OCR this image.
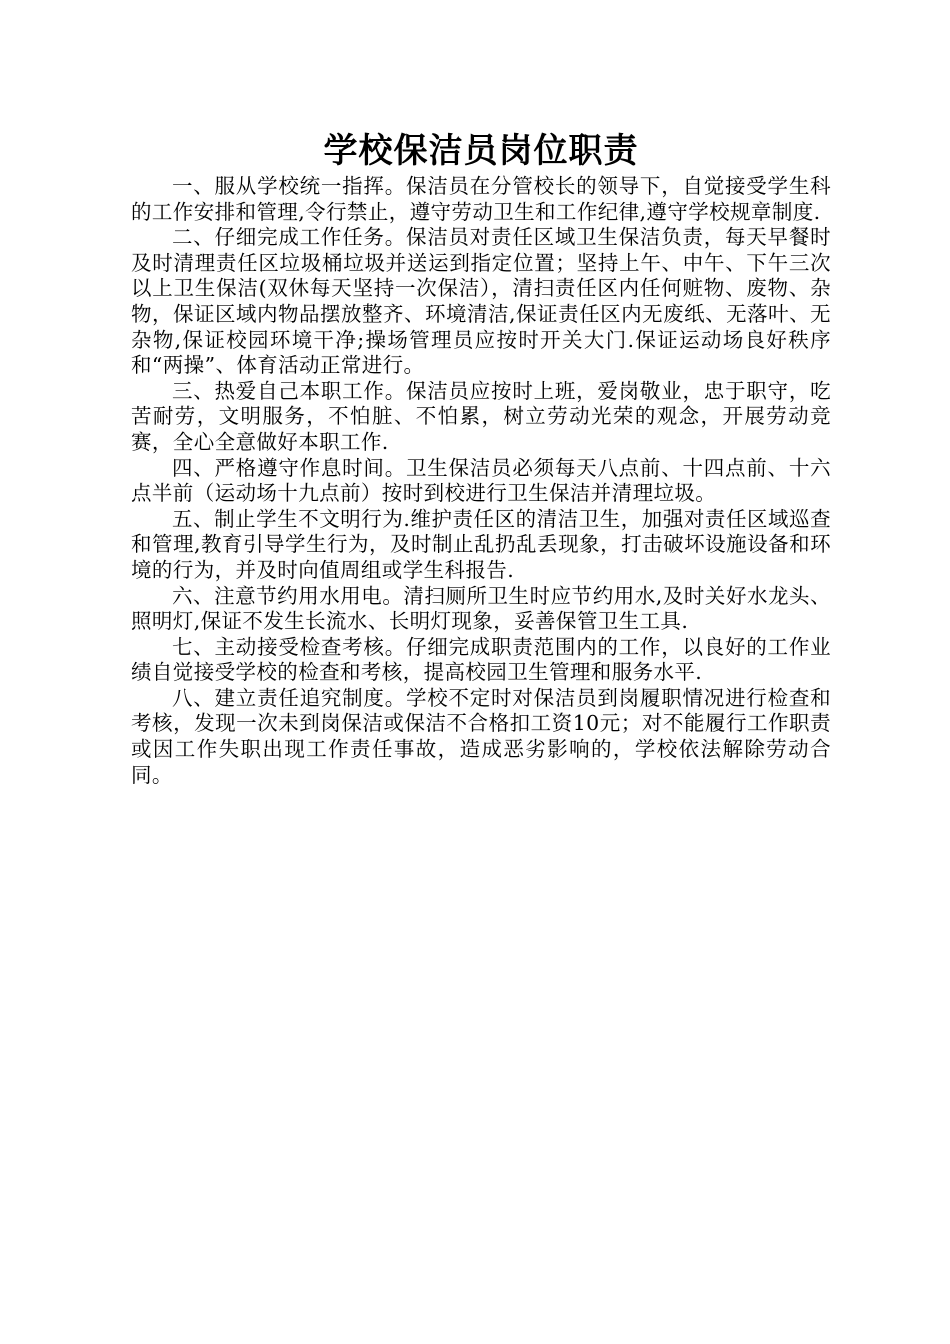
学校保洁员岗位职责

一、服从学校统一指挥。保洁员在分管校长的领导下，自觉接受学生科的工作安排和管理,令行禁止，遵守劳动卫生和工作纪律,遵守学校规章制度.

二、仔细完成工作任务。保洁员对责任区域卫生保洁负责，每天早餐时及时清理责任区垃圾桶垃圾并送运到指定位置；坚持上午、中午、下午三次以上卫生保洁(双休每天坚持一次保洁），清扫责任区内任何赃物、废物、杂物，保证区域内物品摆放整齐、环境清洁,保证责任区内无废纸、无落叶、无杂物,保证校园环境干净;操场管理员应按时开关大门.保证运动场良好秩序和“两操”、体育活动正常进行。

三、热爱自己本职工作。保洁员应按时上班，爱岗敬业，忠于职守，吃苦耐劳，文明服务，不怕脏、不怕累，树立劳动光荣的观念，开展劳动竞赛，全心全意做好本职工作.

四、严格遵守作息时间。卫生保洁员必须每天八点前、十四点前、十六点半前（运动场十九点前）按时到校进行卫生保洁并清理垃圾。

五、制止学生不文明行为.维护责任区的清洁卫生，加强对责任区域巡查和管理,教育引导学生行为，及时制止乱扔乱丢现象，打击破坏设施设备和环境的行为，并及时向值周组或学生科报告.

六、注意节约用水用电。清扫厕所卫生时应节约用水,及时关好水龙头、照明灯,保证不发生长流水、长明灯现象，妥善保管卫生工具.

七、主动接受检查考核。仔细完成职责范围内的工作，以良好的工作业绩自觉接受学校的检查和考核，提高校园卫生管理和服务水平.

八、建立责任追究制度。学校不定时对保洁员到岗履职情况进行检查和考核，发现一次未到岗保洁或保洁不合格扣工资10元；对不能履行工作职责或因工作失职出现工作责任事故，造成恶劣影响的，学校依法解除劳动合同。
